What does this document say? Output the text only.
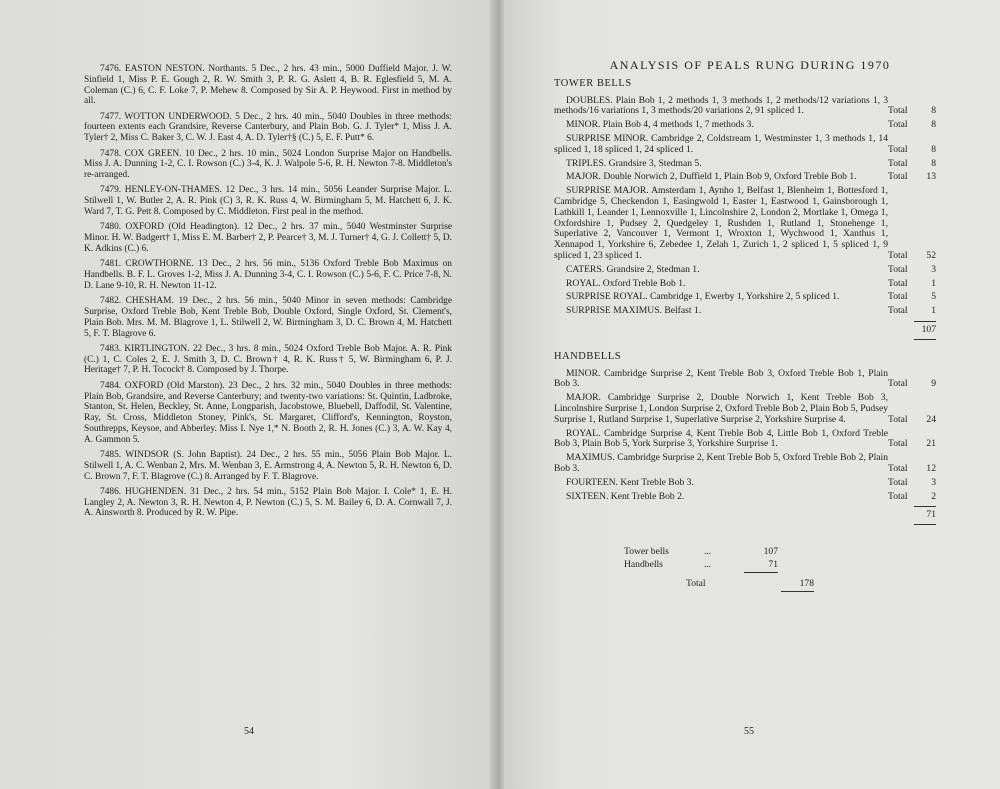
7476. EASTON NESTON. Northants. 5 Dec., 2 hrs. 43 min., 5000 Duffield Major. J. W. Sinfield 1, Miss P. E. Gough 2, R. W. Smith 3, P. R. G. Aslett 4, B. R. Eglesfield 5, M. A. Coleman (C.) 6, C. F. Loke 7, P. Mehew 8. Composed by Sir A. P. Heywood. First in method by all.

7477. WOTTON UNDERWOOD. 5 Dec., 2 hrs. 40 min., 5040 Doubles in three methods: fourteen extents each Grandsire, Reverse Canterbury, and Plain Bob. G. J. Tyler* 1, Miss J. A. Tyler† 2, Miss C. Baker 3, C. W. J. East 4, A. D. Tyler†§ (C.) 5, E. F. Putt* 6.

7478. COX GREEN. 10 Dec., 2 hrs. 10 min., 5024 London Surprise Major on Handbells. Miss J. A. Dunning 1-2, C. I. Rowson (C.) 3-4, K. J. Walpole 5-6, R. H. Newton 7-8. Middleton's re-arranged.

7479. HENLEY-ON-THAMES. 12 Dec., 3 hrs. 14 min., 5056 Leander Surprise Major. L. Stilwell 1, W. Butler 2, A. R. Pink (C) 3, R. K. Russ 4, W. Birmingham 5, M. Hatchett 6, J. K. Ward 7, T. G. Pett 8. Composed by C. Middleton. First peal in the method.

7480. OXFORD (Old Headington). 12 Dec., 2 hrs. 37 min., 5040 Westminster Surprise Minor. H. W. Badgert† 1, Miss E. M. Barber† 2, P. Pearce† 3, M. J. Turner† 4, G. J. Collett† 5, D. K. Adkins (C.) 6.

7481. CROWTHORNE. 13 Dec., 2 hrs. 56 min., 5136 Oxford Treble Bob Maximus on Handbells. B. F. L. Groves 1-2, Miss J. A. Dunning 3-4, C. I. Rowson (C.) 5-6, F. C. Price 7-8, N. D. Lane 9-10, R. H. Newton 11-12.

7482. CHESHAM. 19 Dec., 2 hrs. 56 min., 5040 Minor in seven methods: Cambridge Surprise, Oxford Treble Bob, Kent Treble Bob, Double Oxford, Single Oxford, St. Clement's, Plain Bob. Mrs. M. M. Blagrove 1, L. Stilwell 2, W. Birmingham 3, D. C. Brown 4, M. Hatchett 5, F. T. Blagrove 6.

7483. KIRTLINGTON. 22 Dec., 3 hrs. 8 min., 5024 Oxford Treble Bob Major. A. R. Pink (C.) 1, C. Coles 2, E. J. Smith 3, D. C. Brown† 4, R. K. Russ† 5, W. Birmingham 6, P. J. Heritage† 7, P. H. Tocock† 8. Composed by J. Thorpe.

7484. OXFORD (Old Marston). 23 Dec., 2 hrs. 32 min., 5040 Doubles in three methods: Plain Bob, Grandsire, and Reverse Canterbury; and twenty-two variations: St. Quintin, Ladbroke, Stanton, St. Helen, Beckley, St. Anne, Longparish, Jacobstowe, Bluebell, Daffodil, St. Valentine, Ray, St. Cross, Middleton Stoney, Pink's, St. Margaret, Clifford's, Kennington, Royston, Southrepps, Keysoe, and Abberley. Miss I. Nye 1,* N. Booth 2, R. H. Jones (C.) 3, A. W. Kay 4, A. Gammon 5.

7485. WINDSOR (S. John Baptist). 24 Dec., 2 hrs. 55 min., 5056 Plain Bob Major. L. Stilwell 1, A. C. Wenban 2, Mrs. M. Wenban 3, E. Armstrong 4, A. Newton 5, R. H. Newton 6, D. C. Brown 7, F. T. Blagrove (C.) 8. Arranged by F. T. Blagrove.

7486. HUGHENDEN. 31 Dec., 2 hrs. 54 min., 5152 Plain Bob Major. I. Cole* 1, E. H. Langley 2, A. Newton 3, R. H. Newton 4, P. Newton (C.) 5, S. M. Bailey 6, D. A. Cornwall 7, J. A. Ainsworth 8. Produced by R. W. Pipe.

54
ANALYSIS OF PEALS RUNG DURING 1970
TOWER BELLS
DOUBLES. Plain Bob 1, 2 methods 1, 3 methods 1, 2 methods/12 variations 1, 3 methods/16 variations 1, 3 methods/20 variations 2, 91 spliced 1.	Total 8
MINOR. Plain Bob 4, 4 methods 1, 7 methods 3.	Total 8
SURPRISE MINOR. Cambridge 2, Coldstream 1, Westminster 1, 3 methods 1, 14 spliced 1, 18 spliced 1, 24 spliced 1.	Total 8
TRIPLES. Grandsire 3, Stedman 5.	Total 8
MAJOR. Double Norwich 2, Duffield 1, Plain Bob 9, Oxford Treble Bob 1.	Total 13
SURPRISE MAJOR. Amsterdam 1, Aynho 1, Belfast 1, Blenheim 1, Bottesford 1, Cambridge 5, Checkendon 1, Easingwold 1, Easter 1, Eastwood 1, Gainsborough 1, Lathkill 1, Leander 1, Lennoxville 1, Lincolnshire 2, London 2, Mortlake 1, Omega 1, Oxfordshire 1, Pudsey 2, Quedgeley 1, Rushden 1, Rutland 1, Stonehenge 1, Superlative 2, Vancouver 1, Vermont 1, Wroxton 1, Wychwood 1, Xanthus 1, Xennapod 1, Yorkshire 6, Zebedee 1, Zelah 1, Zurich 1, 2 spliced 1, 5 spliced 1, 9 spliced 1, 23 spliced 1.	Total 52
CATERS. Grandsire 2, Stedman 1.	Total 3
ROYAL. Oxford Treble Bob 1.	Total 1
SURPRISE ROYAL. Cambridge 1, Ewerby 1, Yorkshire 2, 5 spliced 1.	Total 5
SURPRISE MAXIMUS. Belfast 1.	Total 1
107
HANDBELLS
MINOR. Cambridge Surprise 2, Kent Treble Bob 3, Oxford Treble Bob 1, Plain Bob 3.	Total 9
MAJOR. Cambridge Surprise 2, Double Norwich 1, Kent Treble Bob 3, Lincolnshire Surprise 1, London Surprise 2, Oxford Treble Bob 2, Plain Bob 5, Pudsey Surprise 1, Rutland Surprise 1, Superlative Surprise 2, Yorkshire Surprise 4.	Total 24
ROYAL. Cambridge Surprise 4, Kent Treble Bob 4, Little Bob 1, Oxford Treble Bob 3, Plain Bob 5, York Surprise 3, Yorkshire Surprise 1.	Total 21
MAXIMUS. Cambridge Surprise 2, Kent Treble Bob 5, Oxford Treble Bob 2, Plain Bob 3.	Total 12
FOURTEEN. Kent Treble Bob 3.	Total 3
SIXTEEN. Kent Treble Bob 2.	Total 2
71
Tower bells	...	107
Handbells	...	71
Total	178
55
